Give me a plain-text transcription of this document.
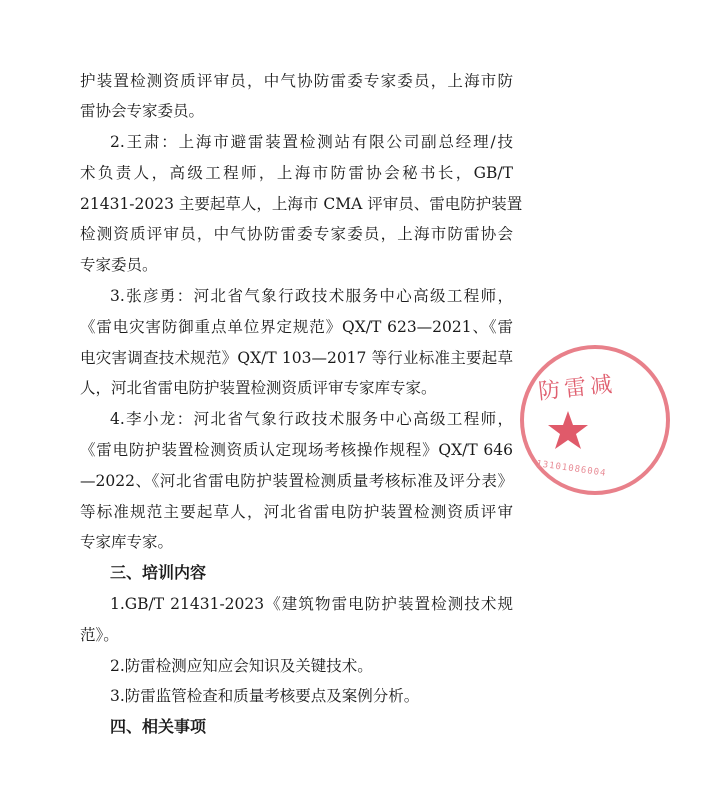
护装置检测资质评审员，中气协防雷委专家委员，上海市防
雷协会专家委员。
2.王肃：上海市避雷装置检测站有限公司副总经理/技
术负责人，高级工程师，上海市防雷协会秘书长，GB/T
21431-2023 主要起草人，上海市 CMA 评审员、雷电防护装置
检测资质评审员，中气协防雷委专家委员，上海市防雷协会
专家委员。
3.张彦勇：河北省气象行政技术服务中心高级工程师，
《雷电灾害防御重点单位界定规范》QX/T 623—2021、《雷
电灾害调查技术规范》QX/T 103—2017 等行业标准主要起草
人，河北省雷电防护装置检测资质评审专家库专家。
4.李小龙：河北省气象行政技术服务中心高级工程师，
《雷电防护装置检测资质认定现场考核操作规程》QX/T 646
—2022、《河北省雷电防护装置检测质量考核标准及评分表》
等标准规范主要起草人，河北省雷电防护装置检测资质评审
专家库专家。
三、培训内容
1.GB/T 21431-2023《建筑物雷电防护装置检测技术规
范》。
2.防雷检测应知应会知识及关键技术。
3.防雷监管检查和质量考核要点及案例分析。
四、相关事项
防雷减
13101086004
